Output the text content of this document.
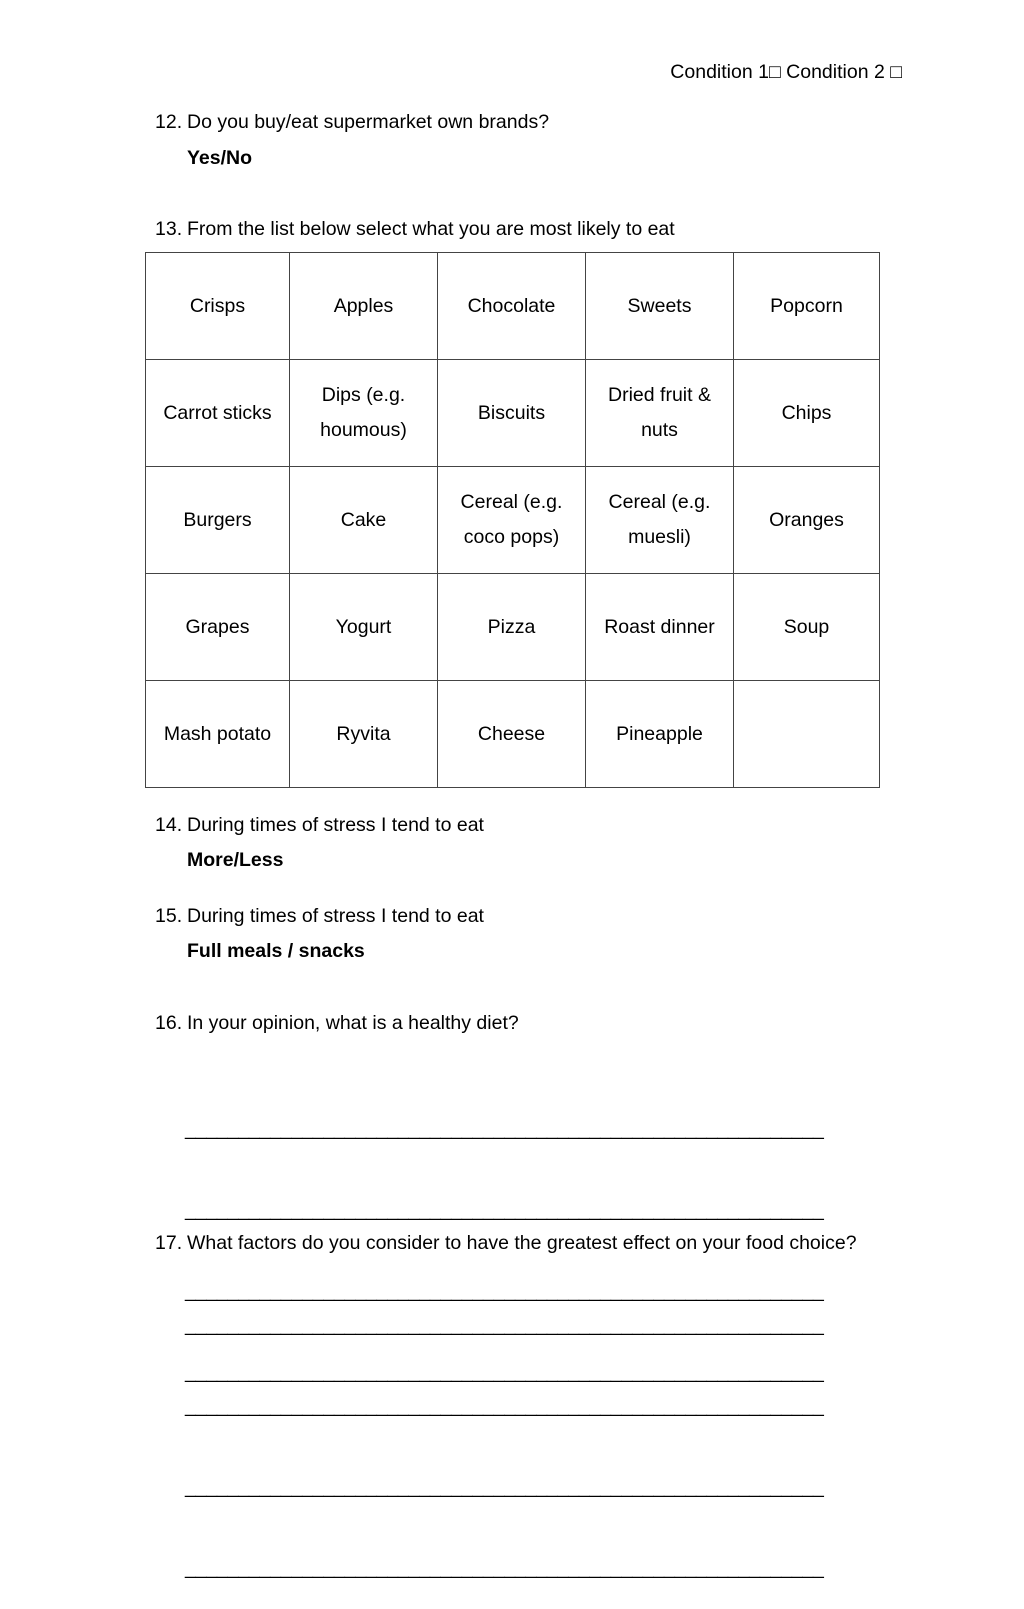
Condition 1□ Condition 2 □
12. Do you buy/eat supermarket own brands?
Yes/No
13. From the list below select what you are most likely to eat
Crisps	Apples	Chocolate	Sweets	Popcorn
Carrot sticks	Dips (e.g. houmous)	Biscuits	Dried fruit & nuts	Chips
Burgers	Cake	Cereal (e.g. coco pops)	Cereal (e.g. muesli)	Oranges
Grapes	Yogurt	Pizza	Roast dinner	Soup
Mash potato	Ryvita	Cheese	Pineapple	
14. During times of stress I tend to eat
More/Less
15. During times of stress I tend to eat
Full meals / snacks
16. In your opinion, what is a healthy diet?

____________________________________________________________

____________________________________________________________

____________________________________________________________

____________________________________________________________

17. What factors do you consider to have the greatest effect on your food choice?

____________________________________________________________

____________________________________________________________

____________________________________________________________

____________________________________________________________
